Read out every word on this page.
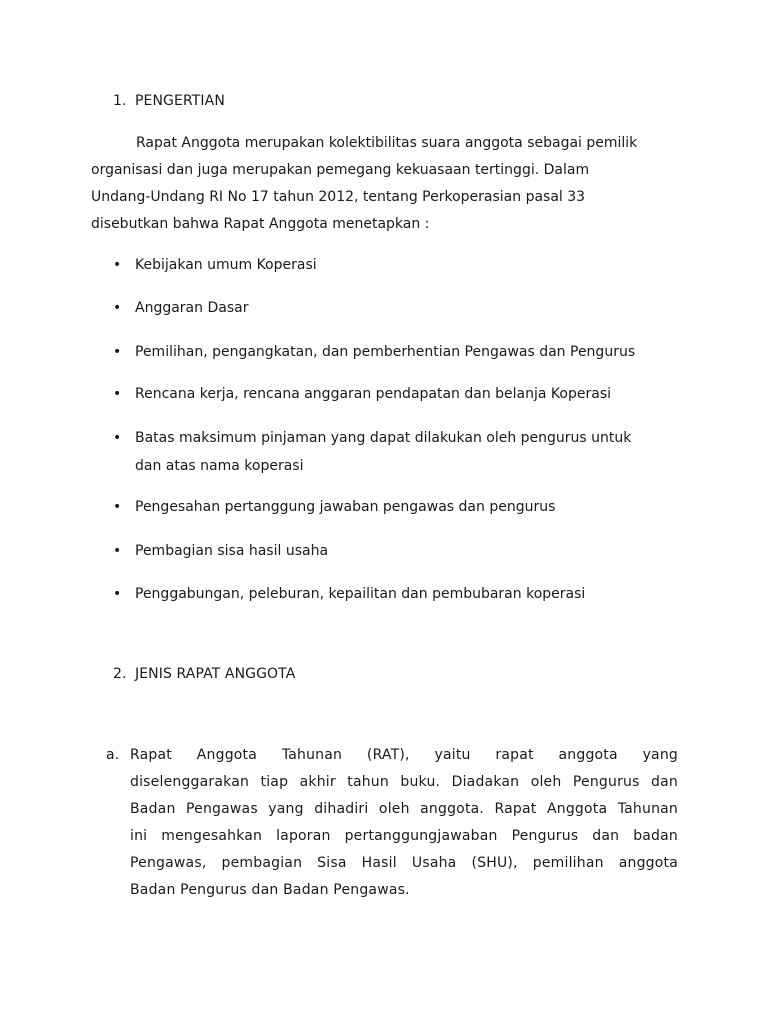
1. PENGERTIAN

Rapat Anggota merupakan kolektibilitas suara anggota sebagai pemilik
organisasi dan juga merupakan pemegang kekuasaan tertinggi. Dalam
Undang-Undang RI No 17 tahun 2012, tentang Perkoperasian pasal 33
disebutkan bahwa Rapat Anggota menetapkan :

• Kebijakan umum Koperasi
• Anggaran Dasar
• Pemilihan, pengangkatan, dan pemberhentian Pengawas dan Pengurus
• Rencana kerja, rencana anggaran pendapatan dan belanja Koperasi
• Batas maksimum pinjaman yang dapat dilakukan oleh pengurus untuk
dan atas nama koperasi
• Pengesahan pertanggung jawaban pengawas dan pengurus
• Pembagian sisa hasil usaha
• Penggabungan, peleburan, kepailitan dan pembubaran koperasi
2. JENIS RAPAT ANGGOTA
a. Rapat Anggota Tahunan (RAT), yaitu rapat anggota yang
diselenggarakan tiap akhir tahun buku. Diadakan oleh Pengurus dan
Badan Pengawas yang dihadiri oleh anggota. Rapat Anggota Tahunan
ini mengesahkan laporan pertanggungjawaban Pengurus dan badan
Pengawas, pembagian Sisa Hasil Usaha (SHU), pemilihan anggota
Badan Pengurus dan Badan Pengawas.
